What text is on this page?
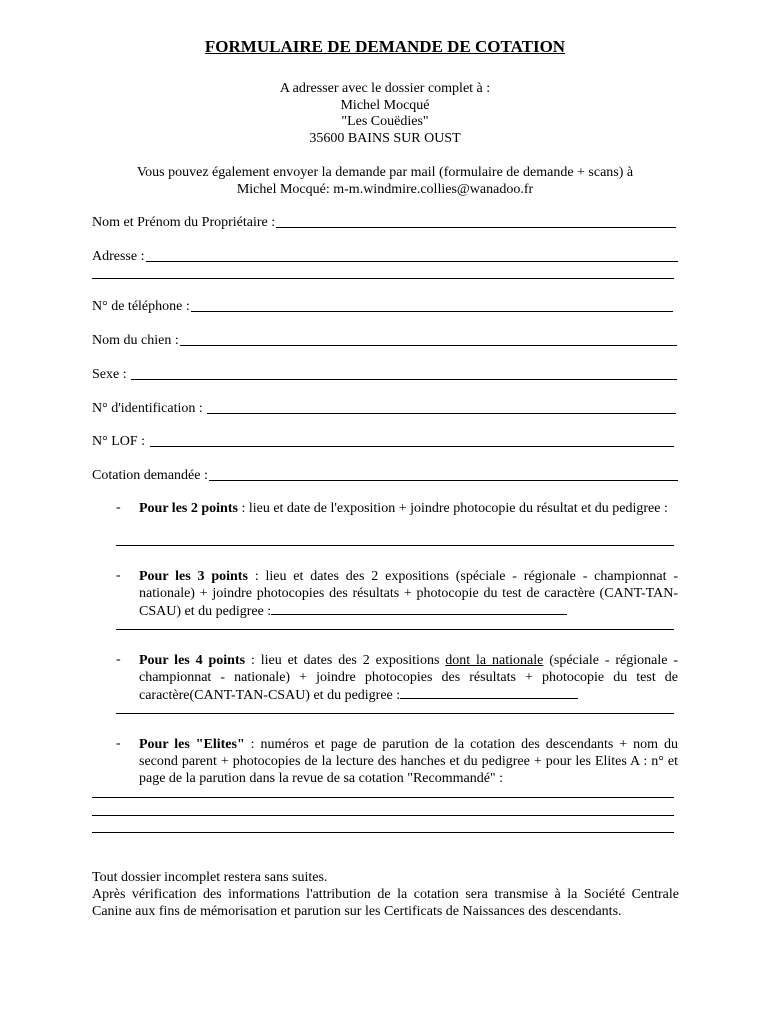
FORMULAIRE DE DEMANDE DE COTATION
A adresser avec le dossier complet à :
Michel Mocqué
"Les Couëdies"
35600 BAINS SUR OUST
Vous pouvez également envoyer la demande par mail (formulaire de demande + scans) à
Michel Mocqué: m-m.windmire.collies@wanadoo.fr
Nom et Prénom du Propriétaire :
Adresse :
N° de téléphone :
Nom du chien :
Sexe :
N° d'identification :
N° LOF :
Cotation demandée :
- Pour les 2 points : lieu et date de l'exposition + joindre photocopie du résultat et du pedigree :
- Pour les 3 points : lieu et dates des 2 expositions (spéciale - régionale - championnat - nationale) + joindre photocopies des résultats + photocopie du test de caractère (CANT-TAN-CSAU) et du pedigree :
- Pour les 4 points : lieu et dates des 2 expositions dont la nationale (spéciale - régionale - championnat - nationale) + joindre photocopies des résultats + photocopie du test de caractère(CANT-TAN-CSAU) et du pedigree :
- Pour les "Elites" : numéros et page de parution de la cotation des descendants + nom du second parent + photocopies de la lecture des hanches et du pedigree + pour les Elites A : n° et page de la parution dans la revue de sa cotation "Recommandé" :
Tout dossier incomplet restera sans suites.
Après vérification des informations l'attribution de la cotation sera transmise à la Société Centrale Canine aux fins de mémorisation et parution sur les Certificats de Naissances des descendants.
